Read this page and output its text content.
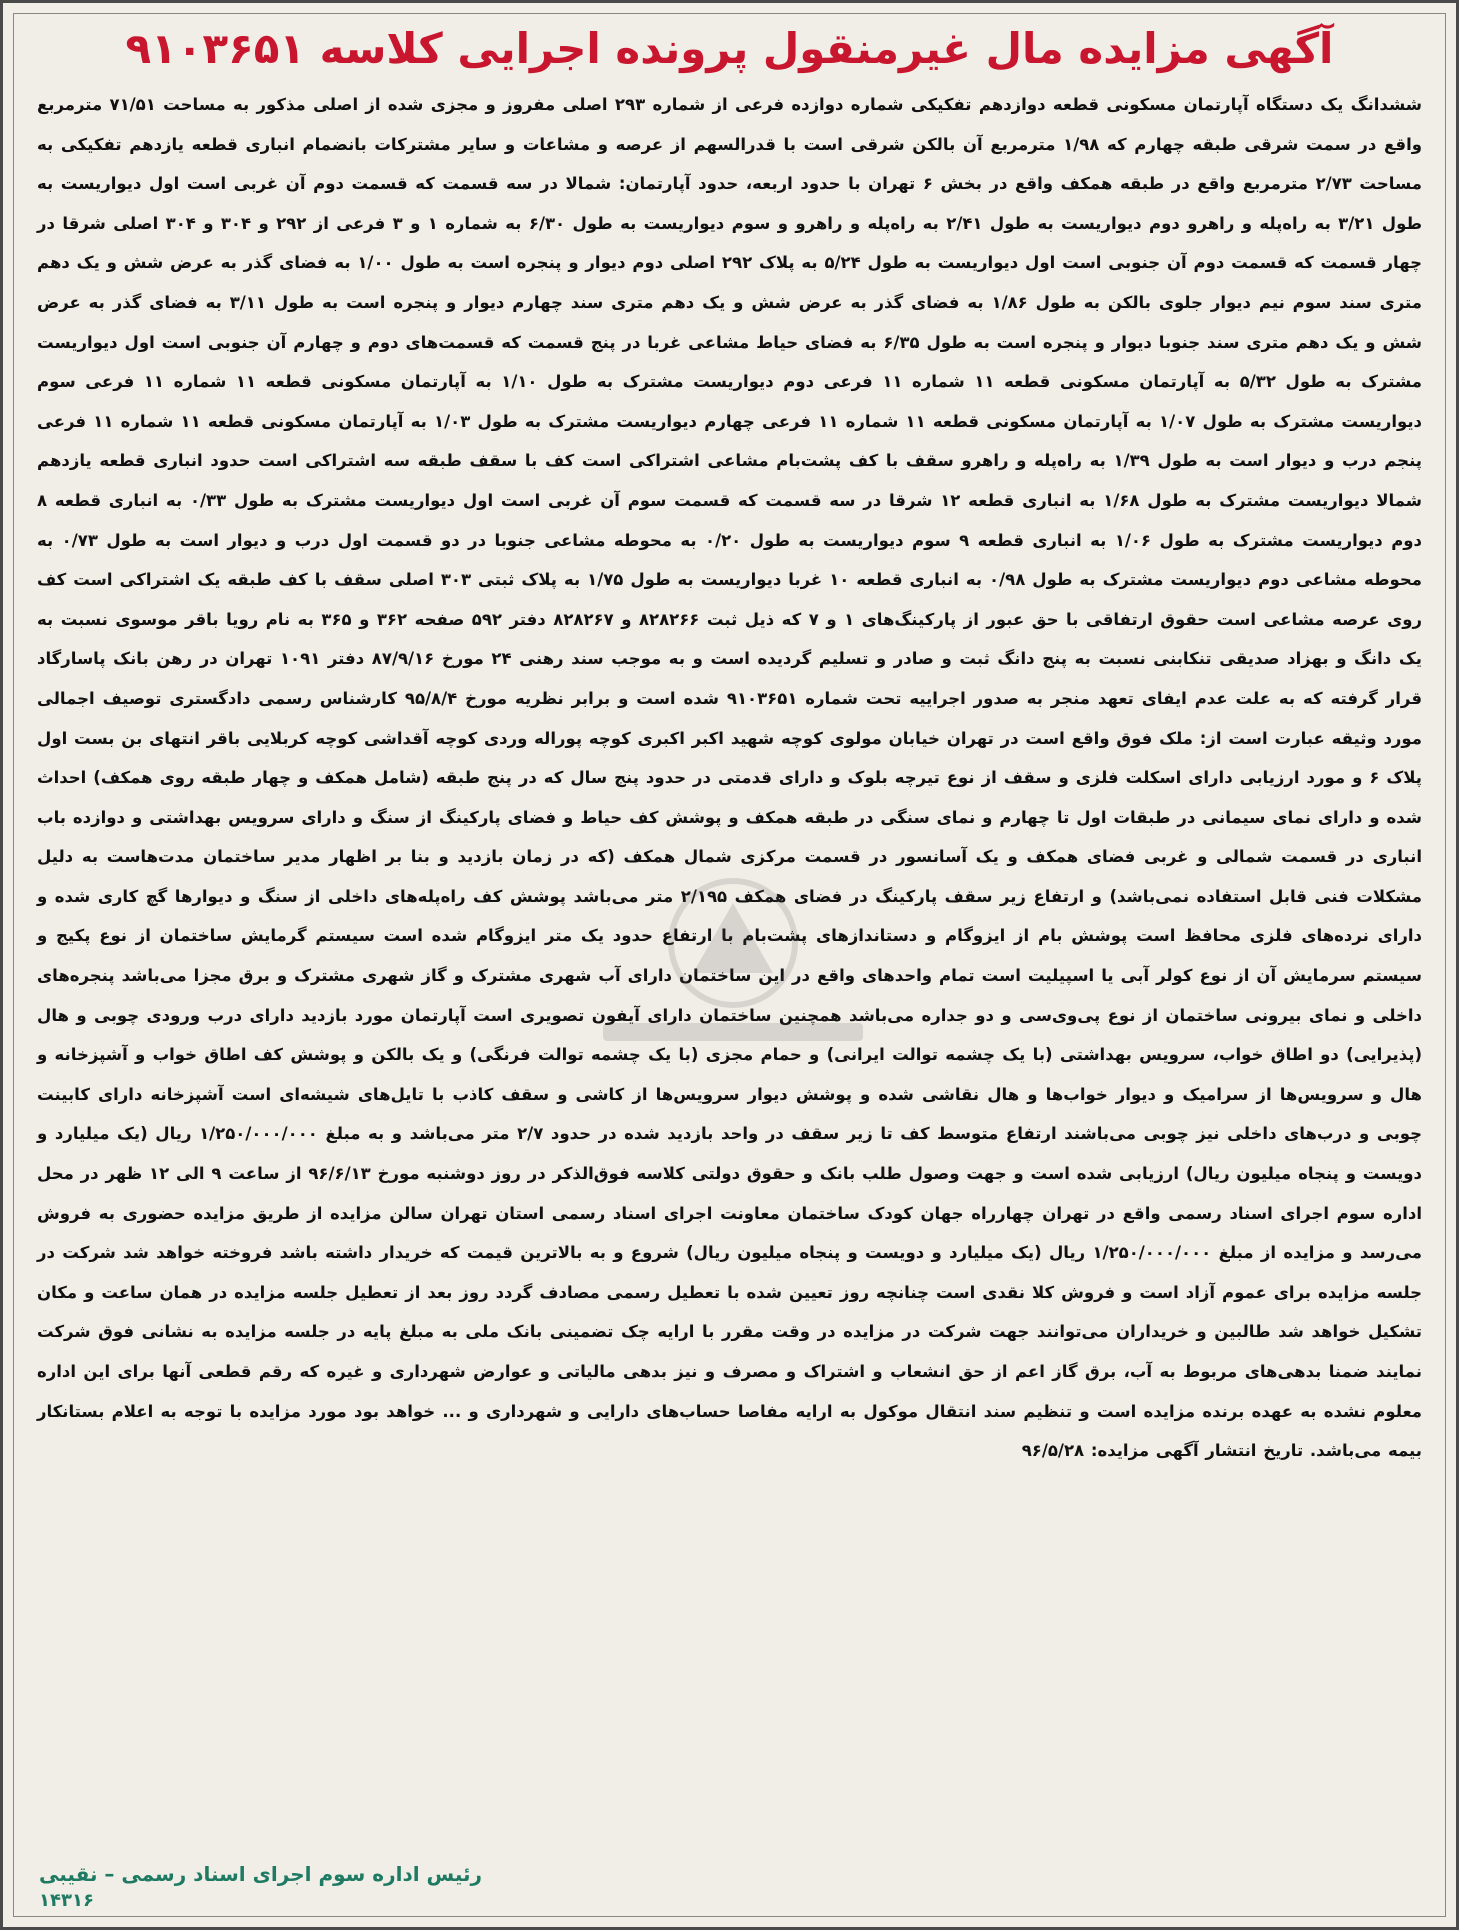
آگهی مزایده مال غیرمنقول پرونده اجرایی کلاسه ۹۱۰۳۶۵۱
ششدانگ یک دستگاه آپارتمان مسکونی قطعه دوازدهم تفکیکی شماره دوازده فرعی از شماره ۲۹۳ اصلی مفروز و مجزی شده از اصلی مذکور به مساحت ۷۱/۵۱ مترمربع واقع در سمت شرقی طبقه چهارم که ۱/۹۸ مترمربع آن بالکن شرقی است با قدرالسهم از عرصه و مشاعات و سایر مشترکات بانضمام انباری قطعه یازدهم تفکیکی به مساحت ۲/۷۳ مترمربع واقع در طبقه همکف واقع در بخش ۶ تهران با حدود اربعه، حدود آپارتمان: شمالا در سه قسمت که قسمت دوم آن غربی است اول دیواریست به طول ۳/۲۱ به راه‌پله و راهرو دوم دیواریست به طول ۲/۴۱ به راه‌پله و راهرو و سوم دیواریست به طول ۶/۳۰ به شماره ۱ و ۳ فرعی از ۲۹۲ و ۳۰۴ و ۳۰۴ اصلی شرقا در چهار قسمت که قسمت دوم آن جنوبی است اول دیواریست به طول ۵/۲۴ به پلاک ۲۹۲ اصلی دوم دیوار و پنجره است به طول ۱/۰۰ به فضای گذر به عرض شش و یک دهم متری سند سوم نیم دیوار جلوی بالکن به طول ۱/۸۶ به فضای گذر به عرض شش و یک دهم متری سند چهارم دیوار و پنجره است به طول ۳/۱۱ به فضای گذر به عرض شش و یک دهم متری سند جنوبا دیوار و پنجره است به طول ۶/۳۵ به فضای حیاط مشاعی غربا در پنج قسمت که قسمت‌های دوم و چهارم آن جنوبی است اول دیواریست مشترک به طول ۵/۳۲ به آپارتمان مسکونی قطعه ۱۱ شماره ۱۱ فرعی دوم دیواریست مشترک به طول ۱/۱۰ به آپارتمان مسکونی قطعه ۱۱ شماره ۱۱ فرعی سوم دیواریست مشترک به طول ۱/۰۷ به آپارتمان مسکونی قطعه ۱۱ شماره ۱۱ فرعی چهارم دیواریست مشترک به طول ۱/۰۳ به آپارتمان مسکونی قطعه ۱۱ شماره ۱۱ فرعی پنجم درب و دیوار است به طول ۱/۳۹ به راه‌پله و راهرو سقف با کف پشت‌بام مشاعی اشتراکی است کف با سقف طبقه سه اشتراکی است حدود انباری قطعه یازدهم شمالا دیواریست مشترک به طول ۱/۶۸ به انباری قطعه ۱۲ شرقا در سه قسمت که قسمت سوم آن غربی است اول دیواریست مشترک به طول ۰/۳۳ به انباری قطعه ۸ دوم دیواریست مشترک به طول ۱/۰۶ به انباری قطعه ۹ سوم دیواریست به طول ۰/۲۰ به محوطه مشاعی جنوبا در دو قسمت اول درب و دیوار است به طول ۰/۷۳ به محوطه مشاعی دوم دیواریست مشترک به طول ۰/۹۸ به انباری قطعه ۱۰ غربا دیواریست به طول ۱/۷۵ به پلاک ثبتی ۳۰۳ اصلی سقف با کف طبقه یک اشتراکی است کف روی عرصه مشاعی است حقوق ارتفاقی با حق عبور از پارکینگ‌های ۱ و ۷ که ذیل ثبت ۸۲۸۲۶۶ و ۸۲۸۲۶۷ دفتر ۵۹۲ صفحه ۳۶۲ و ۳۶۵ به نام رویا باقر موسوی نسبت به یک دانگ و بهزاد صدیقی تنکابنی نسبت به پنج دانگ ثبت و صادر و تسلیم گردیده است و به موجب سند رهنی ۲۴ مورخ ۸۷/۹/۱۶ دفتر ۱۰۹۱ تهران در رهن بانک پاسارگاد قرار گرفته که به علت عدم ایفای تعهد منجر به صدور اجراییه تحت شماره ۹۱۰۳۶۵۱ شده است و برابر نظریه مورخ ۹۵/۸/۴ کارشناس رسمی دادگستری توصیف اجمالی مورد وثیقه عبارت است از: ملک فوق واقع است در تهران خیابان مولوی کوچه شهید اکبر اکبری کوچه پوراله وردی کوچه آقداشی کوچه کربلایی باقر انتهای بن بست اول پلاک ۶ و مورد ارزیابی دارای اسکلت فلزی و سقف از نوع تیرچه بلوک و دارای قدمتی در حدود پنج سال که در پنج طبقه (شامل همکف و چهار طبقه روی همکف) احداث شده و دارای نمای سیمانی در طبقات اول تا چهارم و نمای سنگی در طبقه همکف و پوشش کف حیاط و فضای پارکینگ از سنگ و دارای سرویس بهداشتی و دوازده باب انباری در قسمت شمالی و غربی فضای همکف و یک آسانسور در قسمت مرکزی شمال همکف (که در زمان بازدید و بنا بر اظهار مدیر ساختمان مدت‌هاست به دلیل مشکلات فنی قابل استفاده نمی‌باشد) و ارتفاع زیر سقف پارکینگ در فضای همکف ۲/۱۹۵ متر می‌باشد پوشش کف راه‌پله‌های داخلی از سنگ و دیوارها گچ کاری شده و دارای نرده‌های فلزی محافظ است پوشش بام از ایزوگام و دستاندازهای پشت‌بام با ارتفاع حدود یک متر ایزوگام شده است سیستم گرمایش ساختمان از نوع پکیج و سیستم سرمایش آن از نوع کولر آبی یا اسپیلیت است تمام واحدهای واقع در این ساختمان دارای آب شهری مشترک و گاز شهری مشترک و برق مجزا می‌باشد پنجره‌های داخلی و نمای بیرونی ساختمان از نوع پی‌وی‌سی و دو جداره می‌باشد همچنین ساختمان دارای آیفون تصویری است آپارتمان مورد بازدید دارای درب ورودی چوبی و هال (پذیرایی) دو اطاق خواب، سرویس بهداشتی (با یک چشمه توالت ایرانی) و حمام مجزی (با یک چشمه توالت فرنگی) و یک بالکن و پوشش کف اطاق خواب و آشپزخانه و هال و سرویس‌ها از سرامیک و دیوار خواب‌ها و هال نقاشی شده و پوشش دیوار سرویس‌ها از کاشی و سقف کاذب با تایل‌های شیشه‌ای است آشپزخانه دارای کابینت چوبی و درب‌های داخلی نیز چوبی می‌باشند ارتفاع متوسط کف تا زیر سقف در واحد بازدید شده در حدود ۲/۷ متر می‌باشد و به مبلغ ۱/۲۵۰/۰۰۰/۰۰۰ ریال (یک میلیارد و دویست و پنجاه میلیون ریال) ارزیابی شده است و جهت وصول طلب بانک و حقوق دولتی کلاسه فوق‌الذکر در روز دوشنبه مورخ ۹۶/۶/۱۳ از ساعت ۹ الی ۱۲ ظهر در محل اداره سوم اجرای اسناد رسمی واقع در تهران چهارراه جهان کودک ساختمان معاونت اجرای اسناد رسمی استان تهران سالن مزایده از طریق مزایده حضوری به فروش می‌رسد و مزایده از مبلغ ۱/۲۵۰/۰۰۰/۰۰۰ ریال (یک میلیارد و دویست و پنجاه میلیون ریال) شروع و به بالاترین قیمت که خریدار داشته باشد فروخته خواهد شد شرکت در جلسه مزایده برای عموم آزاد است و فروش کلا نقدی است چنانچه روز تعیین شده با تعطیل رسمی مصادف گردد روز بعد از تعطیل جلسه مزایده در همان ساعت و مکان تشکیل خواهد شد طالبین و خریداران می‌توانند جهت شرکت در مزایده در وقت مقرر با ارایه چک تضمینی بانک ملی به مبلغ پایه در جلسه مزایده به نشانی فوق شرکت نمایند ضمنا بدهی‌های مربوط به آب، برق گاز اعم از حق انشعاب و اشتراک و مصرف و نیز بدهی مالیاتی و عوارض شهرداری و غیره که رقم قطعی آنها برای این اداره معلوم نشده به عهده برنده مزایده است و تنظیم سند انتقال موکول به ارایه مفاصا حساب‌های دارایی و شهرداری و ... خواهد بود مورد مزایده با توجه به اعلام بستانکار بیمه می‌باشد. تاریخ انتشار آگهی مزایده: ۹۶/۵/۲۸
رئیس اداره سوم اجرای اسناد رسمی – نقیبی
۱۴۳۱۶
